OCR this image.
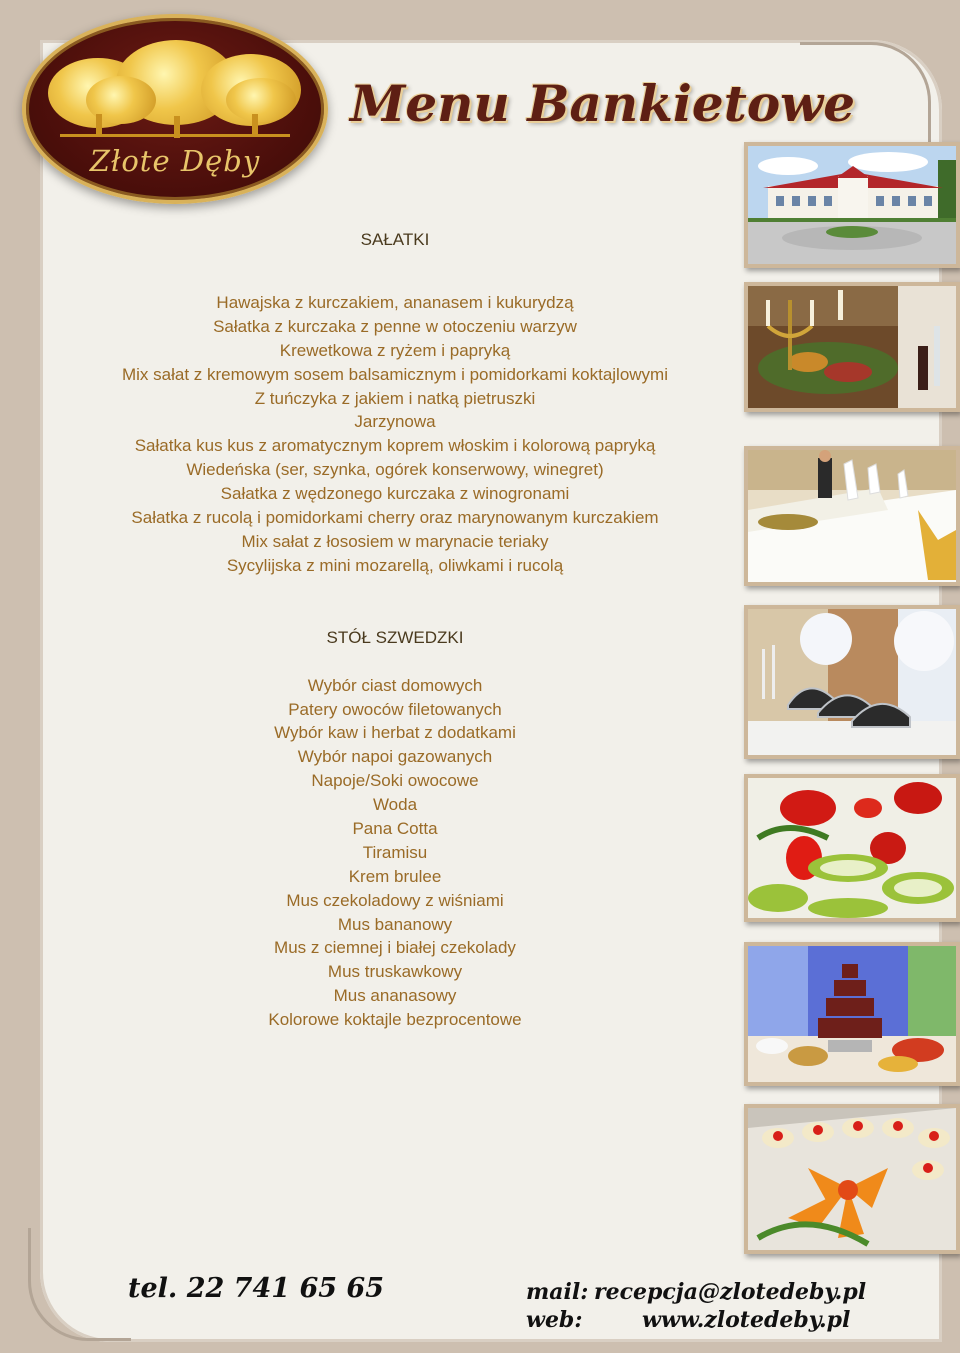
Złote Dęby
Menu Bankietowe
SAŁATKI
Hawajska z kurczakiem, ananasem i kukurydzą
Sałatka z kurczaka z penne w otoczeniu warzyw
Krewetkowa z ryżem i papryką
Mix sałat z kremowym sosem balsamicznym i pomidorkami koktajlowymi
Z tuńczyka z jakiem i natką pietruszki
Jarzynowa
Sałatka kus kus z aromatycznym koprem włoskim i kolorową papryką
Wiedeńska (ser, szynka, ogórek konserwowy, winegret)
Sałatka z wędzonego kurczaka z winogronami
Sałatka z rucolą i pomidorkami cherry oraz marynowanym kurczakiem
Mix sałat z łososiem w marynacie teriaky
Sycylijska z mini mozarellą, oliwkami i rucolą
STÓŁ SZWEDZKI
Wybór ciast domowych
Patery owoców filetowanych
Wybór kaw i herbat z dodatkami
Wybór napoi gazowanych
Napoje/Soki owocowe
Woda
Pana Cotta
Tiramisu
Krem brulee
Mus czekoladowy z wiśniami
Mus bananowy
Mus z ciemnej i białej czekolady
Mus truskawkowy
Mus ananasowy
Kolorowe koktajle bezprocentowe
tel. 22 741 65 65	mail: recepcja@zlotedeby.pl
web:	www.zlotedeby.pl
